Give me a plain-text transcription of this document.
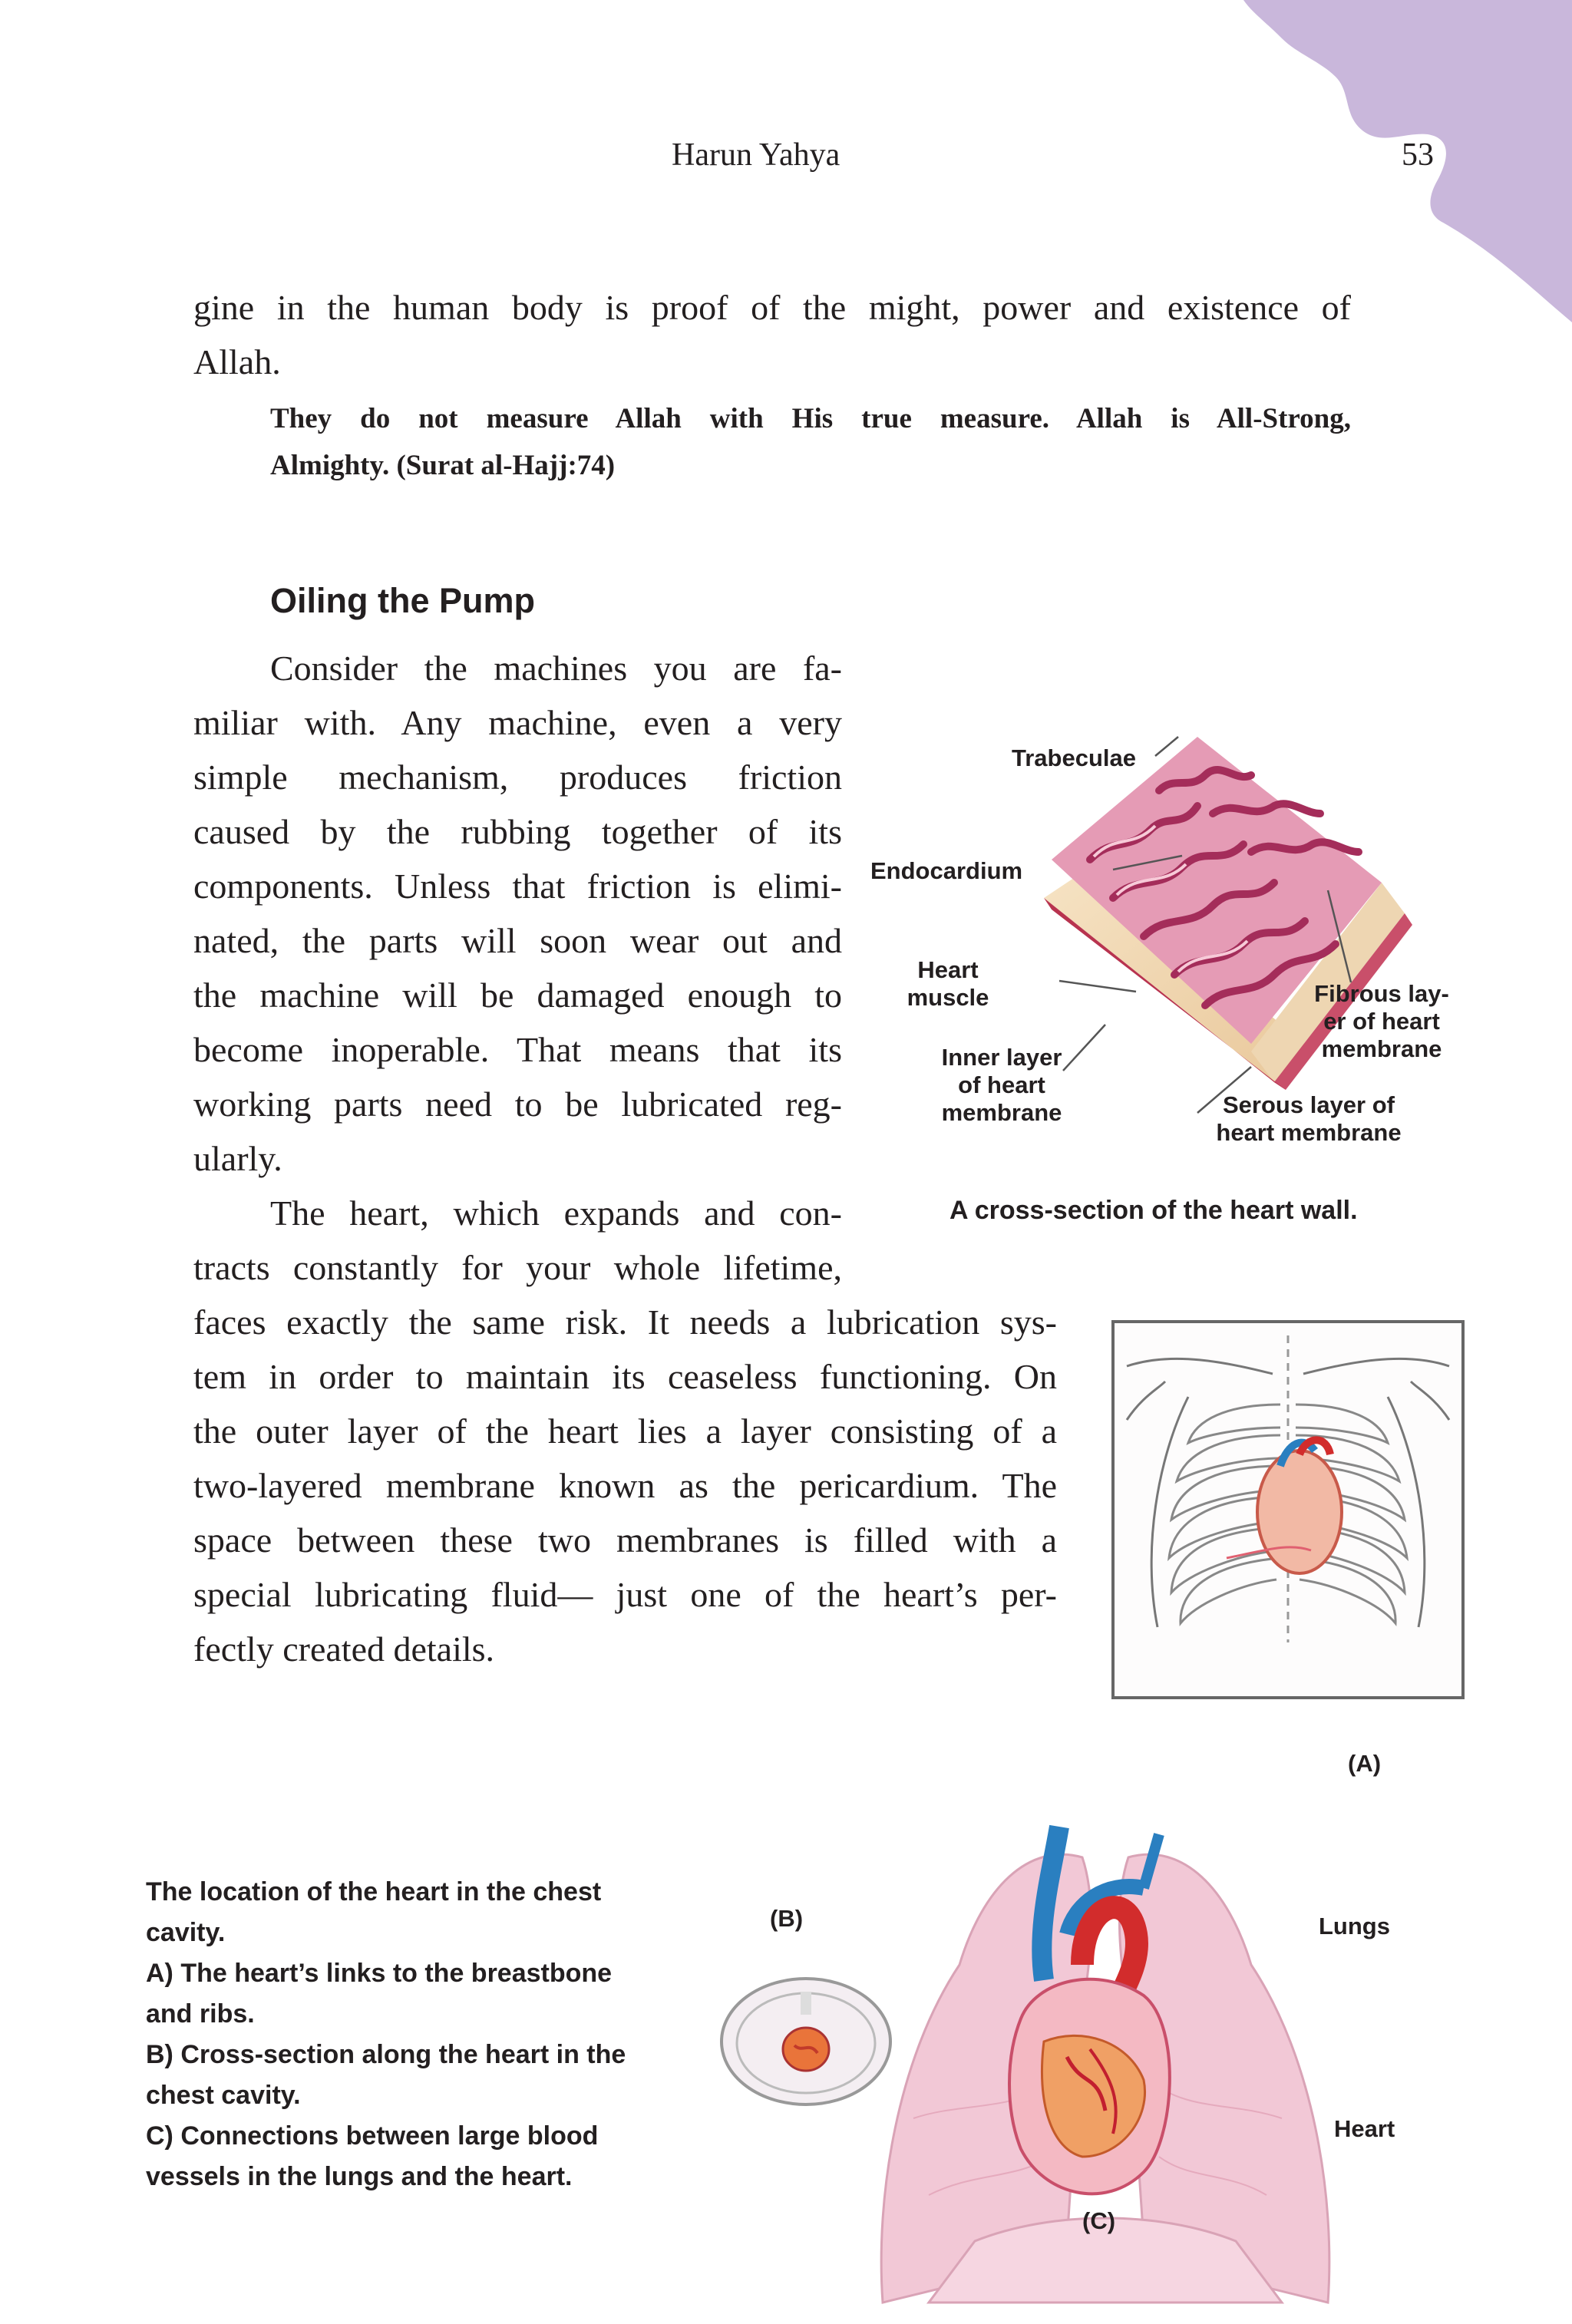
Harun Yahya	53
gine in the human body is proof of the might, power and existence of
Allah.
They do not measure Allah with His true measure. Allah is All-Strong,
Almighty. (Surat al-Hajj:74)
Oiling the Pump
Consider the machines you are fa-
miliar with. Any machine, even a very
simple mechanism, produces friction
caused by the rubbing together of its
components. Unless that friction is elimi-
nated, the parts will soon wear out and
the machine will be damaged enough to
become inoperable. That means that its
working parts need to be lubricated reg-
ularly.
The heart, which expands and con-
tracts constantly for your whole lifetime,
faces exactly the same risk. It needs a lubrication sys-
tem in order to maintain its ceaseless functioning. On
the outer layer of the heart lies a layer consisting of a
two-layered membrane known as the pericardium. The
space between these two membranes is filled with a
special lubricating fluid— just one of the heart’s per-
fectly created details.
Trabeculae
Endocardium
Heart
muscle
Inner layer
of heart
membrane
Fibrous lay-
er of heart
membrane
Serous layer of
heart membrane
A cross-section of the heart wall.
(A)
The location of the heart in the chest
cavity.
A) The heart’s links to the breastbone
and ribs.
B) Cross-section along the heart in the
chest cavity.
C) Connections between large blood
vessels in the lungs and the heart.
(B)	Lungs
Heart
(C)
